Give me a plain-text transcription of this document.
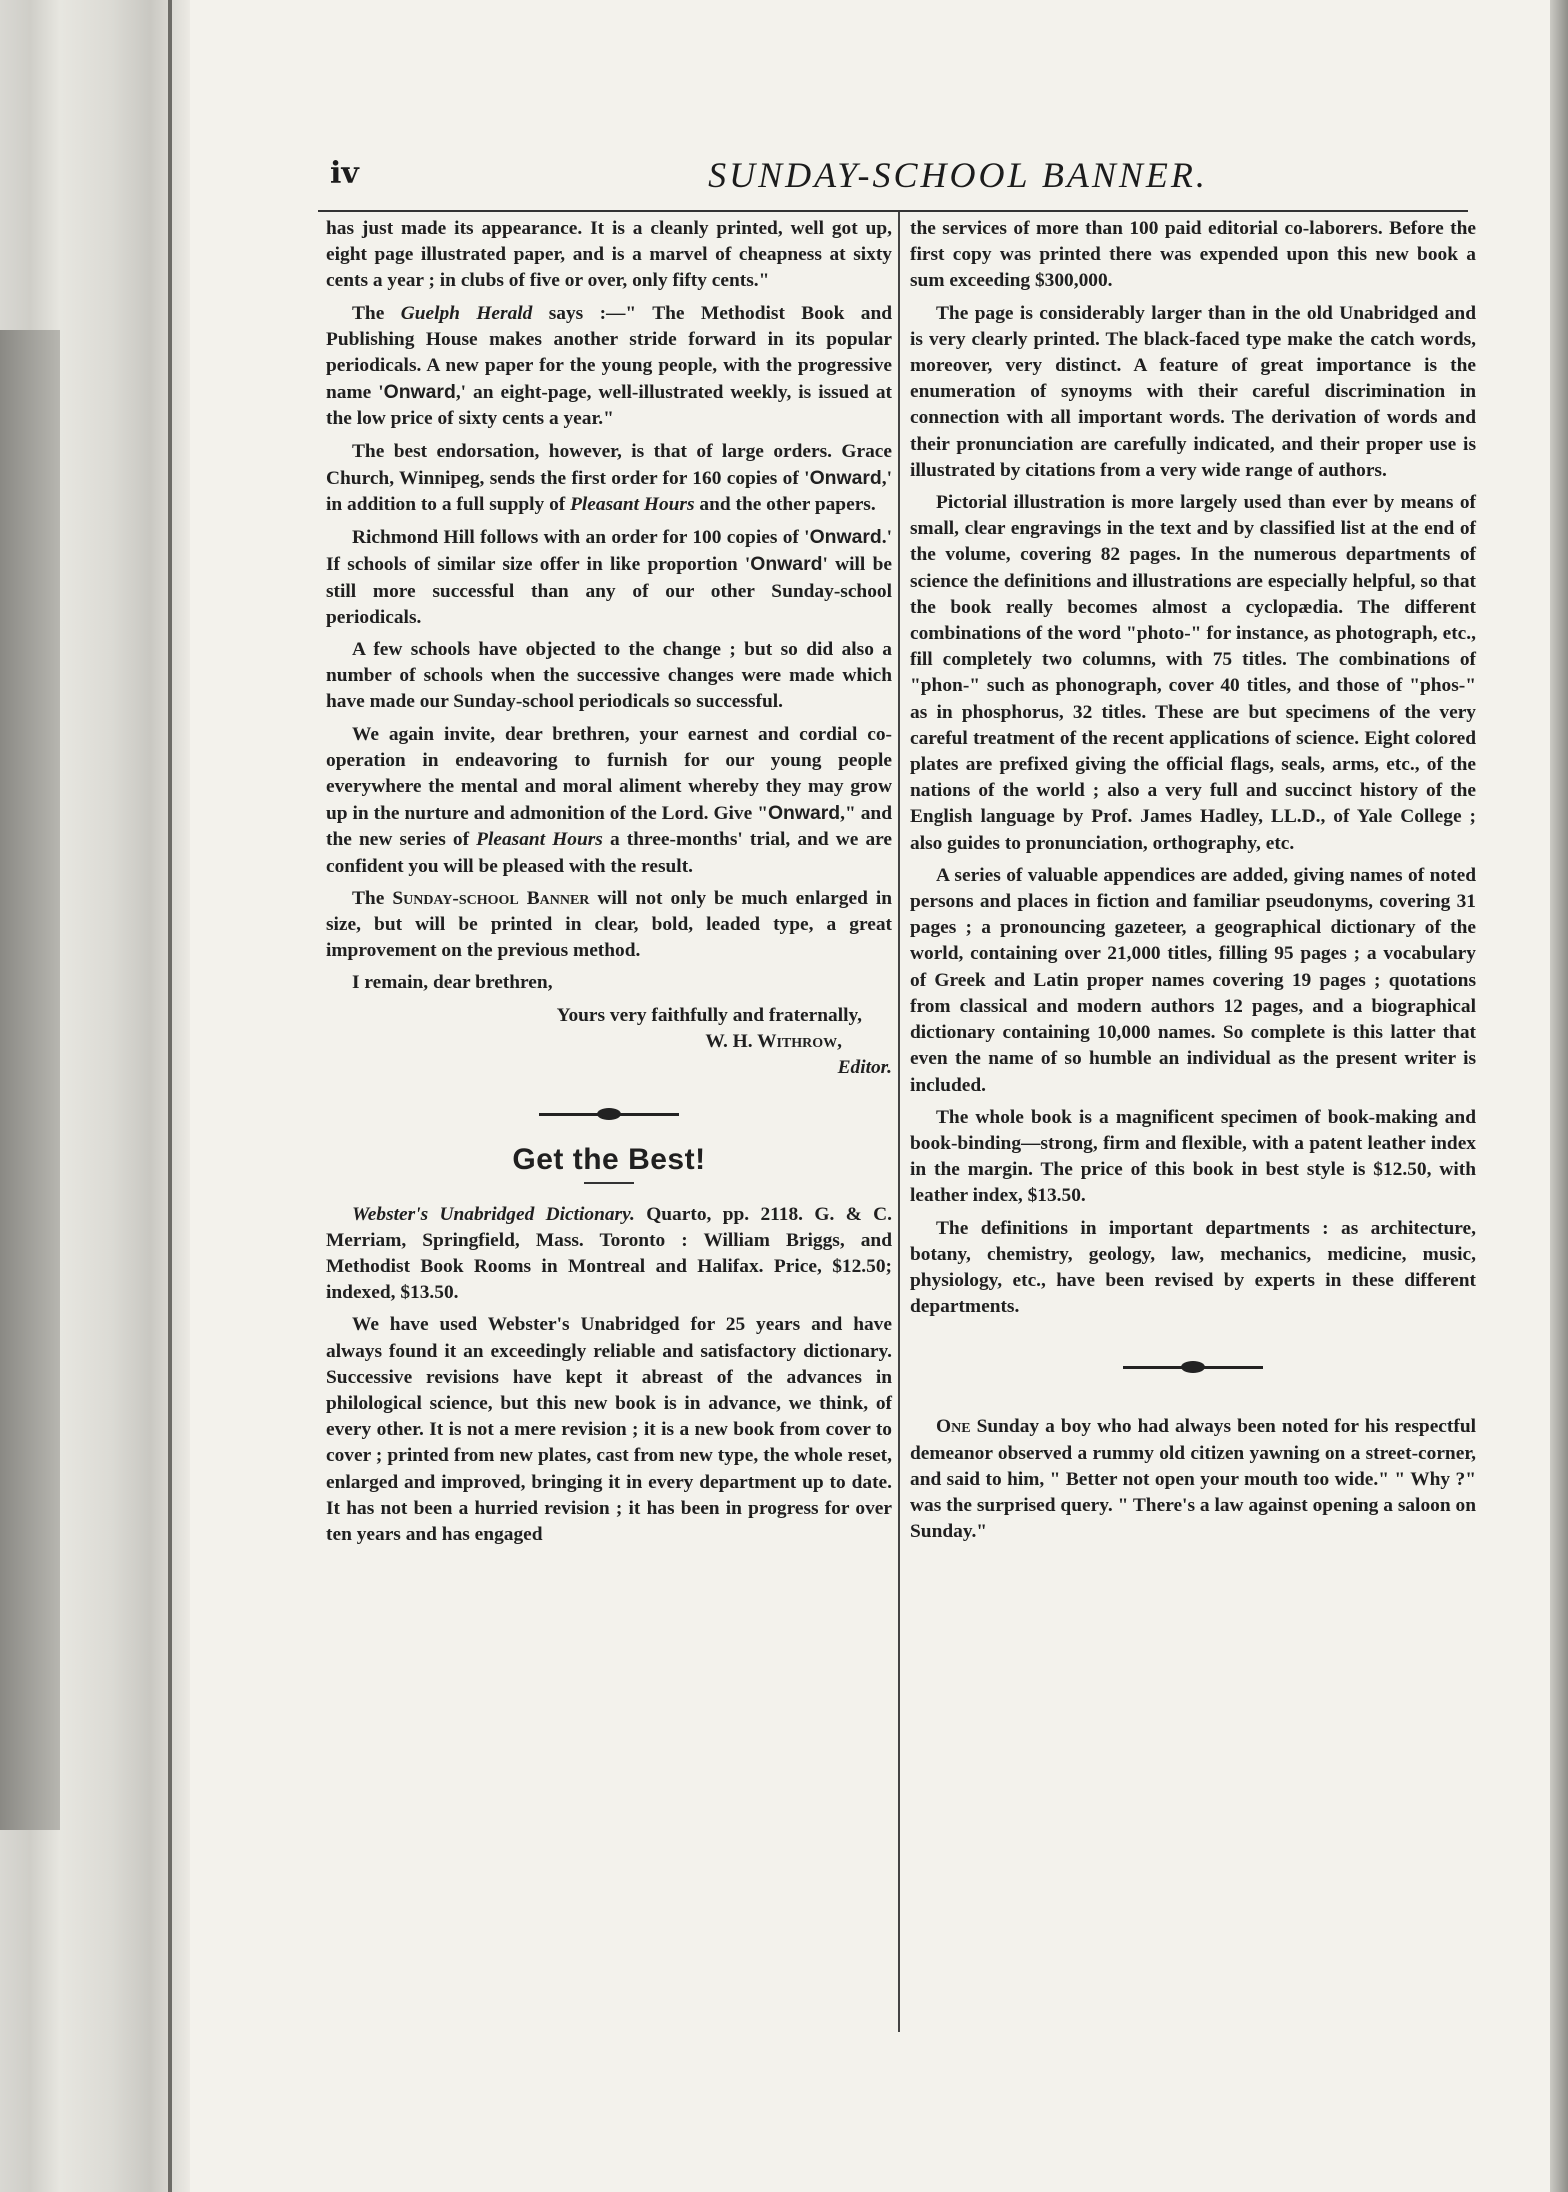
iv	SUNDAY-SCHOOL BANNER.

has just made its appearance. It is a cleanly printed, well got up, eight page illustrated paper, and is a marvel of cheapness at sixty cents a year ; in clubs of five or over, only fifty cents."

The Guelph Herald says :—" The Methodist Book and Publishing House makes another stride forward in its popular periodicals. A new paper for the young people, with the progressive name 'Onward,' an eight-page, well-illustrated weekly, is issued at the low price of sixty cents a year."

The best endorsation, however, is that of large orders. Grace Church, Winnipeg, sends the first order for 160 copies of 'Onward,' in addition to a full supply of Pleasant Hours and the other papers.

Richmond Hill follows with an order for 100 copies of 'Onward.' If schools of similar size offer in like proportion 'Onward' will be still more successful than any of our other Sunday-school periodicals.

A few schools have objected to the change ; but so did also a number of schools when the successive changes were made which have made our Sunday-school periodicals so successful.

We again invite, dear brethren, your earnest and cordial co-operation in endeavoring to furnish for our young people everywhere the mental and moral aliment whereby they may grow up in the nurture and admonition of the Lord. Give "Onward," and the new series of Pleasant Hours a three-months' trial, and we are confident you will be pleased with the result.

The Sunday-school Banner will not only be much enlarged in size, but will be printed in clear, bold, leaded type, a great improvement on the previous method.

I remain, dear brethren,

Yours very faithfully and fraternally,

W. H. Withrow,

Editor.

Get the Best!

Webster's Unabridged Dictionary. Quarto, pp. 2118. G. & C. Merriam, Springfield, Mass. Toronto : William Briggs, and Methodist Book Rooms in Montreal and Halifax. Price, $12.50; indexed, $13.50.

We have used Webster's Unabridged for 25 years and have always found it an exceedingly reliable and satisfactory dictionary. Successive revisions have kept it abreast of the advances in philological science, but this new book is in advance, we think, of every other. It is not a mere revision ; it is a new book from cover to cover ; printed from new plates, cast from new type, the whole reset, enlarged and improved, bringing it in every department up to date. It has not been a hurried revision ; it has been in progress for over ten years and has engaged

the services of more than 100 paid editorial co-laborers. Before the first copy was printed there was expended upon this new book a sum exceeding $300,000.

The page is considerably larger than in the old Unabridged and is very clearly printed. The black-faced type make the catch words, moreover, very distinct. A feature of great importance is the enumeration of synoyms with their careful discrimination in connection with all important words. The derivation of words and their pronunciation are carefully indicated, and their proper use is illustrated by citations from a very wide range of authors.

Pictorial illustration is more largely used than ever by means of small, clear engravings in the text and by classified list at the end of the volume, covering 82 pages. In the numerous departments of science the definitions and illustrations are especially helpful, so that the book really becomes almost a cyclopædia. The different combinations of the word "photo-" for instance, as photograph, etc., fill completely two columns, with 75 titles. The combinations of "phon-" such as phonograph, cover 40 titles, and those of "phos-" as in phosphorus, 32 titles. These are but specimens of the very careful treatment of the recent applications of science. Eight colored plates are prefixed giving the official flags, seals, arms, etc., of the nations of the world ; also a very full and succinct history of the English language by Prof. James Hadley, LL.D., of Yale College ; also guides to pronunciation, orthography, etc.

A series of valuable appendices are added, giving names of noted persons and places in fiction and familiar pseudonyms, covering 31 pages ; a pronouncing gazeteer, a geographical dictionary of the world, containing over 21,000 titles, filling 95 pages ; a vocabulary of Greek and Latin proper names covering 19 pages ; quotations from classical and modern authors 12 pages, and a biographical dictionary containing 10,000 names. So complete is this latter that even the name of so humble an individual as the present writer is included.

The whole book is a magnificent specimen of book-making and book-binding—strong, firm and flexible, with a patent leather index in the margin. The price of this book in best style is $12.50, with leather index, $13.50.

The definitions in important departments : as architecture, botany, chemistry, geology, law, mechanics, medicine, music, physiology, etc., have been revised by experts in these different departments.

One Sunday a boy who had always been noted for his respectful demeanor observed a rummy old citizen yawning on a street-corner, and said to him, " Better not open your mouth too wide." " Why ?" was the surprised query. " There's a law against opening a saloon on Sunday."
